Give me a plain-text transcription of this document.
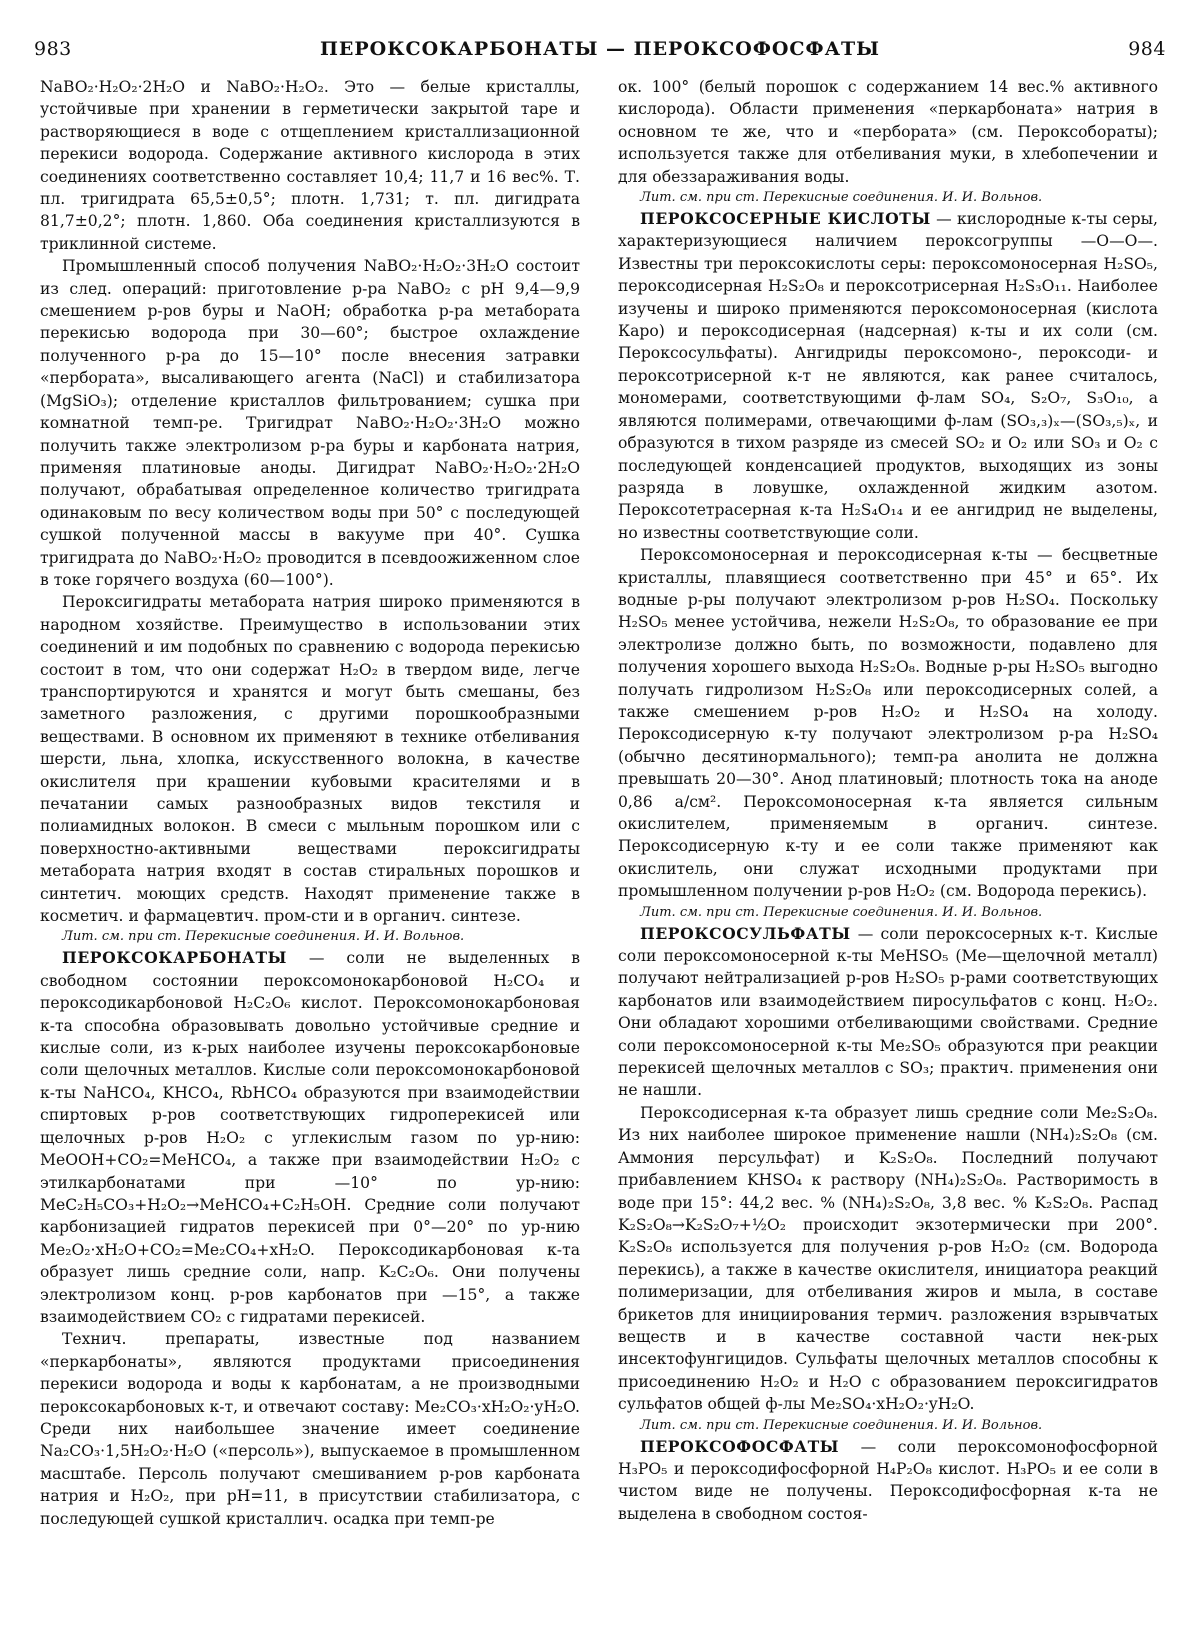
983	ПЕРОКСОКАРБОНАТЫ — ПЕРОКСОФОСФАТЫ	984

NaBO₂·H₂O₂·2H₂O и NaBO₂·H₂O₂. Это — белые кристаллы, устойчивые при хранении в герметически закрытой таре и растворяющиеся в воде с отщеплением кристаллизационной перекиси водорода. Содержание активного кислорода в этих соединениях соответственно составляет 10,4; 11,7 и 16 вес%. Т. пл. тригидрата 65,5±0,5°; плотн. 1,731; т. пл. дигидрата 81,7±0,2°; плотн. 1,860. Оба соединения кристаллизуются в триклинной системе.

Промышленный способ получения NaBO₂·H₂O₂·3H₂O состоит из след. операций: приготовление р-ра NaBO₂ с pH 9,4—9,9 смешением р-ров буры и NaOH; обработка р-ра метабората перекисью водорода при 30—60°; быстрое охлаждение полученного р-ра до 15—10° после внесения затравки «пербората», высаливающего агента (NaCl) и стабилизатора (MgSiO₃); отделение кристаллов фильтрованием; сушка при комнатной темп-ре. Тригидрат NaBO₂·H₂O₂·3H₂O можно получить также электролизом р-ра буры и карбоната натрия, применяя платиновые аноды. Дигидрат NaBO₂·H₂O₂·2H₂O получают, обрабатывая определенное количество тригидрата одинаковым по весу количеством воды при 50° с последующей сушкой полученной массы в вакууме при 40°. Сушка тригидрата до NaBO₂·H₂O₂ проводится в псевдоожиженном слое в токе горячего воздуха (60—100°).

Пероксигидраты метабората натрия широко применяются в народном хозяйстве. Преимущество в использовании этих соединений и им подобных по сравнению с водорода перекисью состоит в том, что они содержат H₂O₂ в твердом виде, легче транспортируются и хранятся и могут быть смешаны, без заметного разложения, с другими порошкообразными веществами. В основном их применяют в технике отбеливания шерсти, льна, хлопка, искусственного волокна, в качестве окислителя при крашении кубовыми красителями и в печатании самых разнообразных видов текстиля и полиамидных волокон. В смеси с мыльным порошком или с поверхностно-активными веществами пероксигидраты метабората натрия входят в состав стиральных порошков и синтетич. моющих средств. Находят применение также в косметич. и фармацевтич. пром-сти и в органич. синтезе.

Лит. см. при ст. Перекисные соединения. И. И. Вольнов.

ПЕРОКСОКАРБОНАТЫ — соли не выделенных в свободном состоянии пероксомонокарбоновой H₂CO₄ и пероксодикарбоновой H₂C₂O₆ кислот. Пероксомонокарбоновая к-та способна образовывать довольно устойчивые средние и кислые соли, из к-рых наиболее изучены пероксокарбоновые соли щелочных металлов. Кислые соли пероксомонокарбоновой к-ты NaHCO₄, KHCO₄, RbHCO₄ образуются при взаимодействии спиртовых р-ров соответствующих гидроперекисей или щелочных р-ров H₂O₂ с углекислым газом по ур-нию: MeOOH+CO₂=MeHCO₄, а также при взаимодействии H₂O₂ с этилкарбонатами при —10° по ур-нию: MeC₂H₅CO₃+H₂O₂→MeHCO₄+C₂H₅OH. Средние соли получают карбонизацией гидратов перекисей при 0°—20° по ур-нию Me₂O₂·xH₂O+CO₂=Me₂CO₄+xH₂O. Пероксодикарбоновая к-та образует лишь средние соли, напр. K₂C₂O₆. Они получены электролизом конц. р-ров карбонатов при —15°, а также взаимодействием CO₂ с гидратами перекисей.

Технич. препараты, известные под названием «перкарбонаты», являются продуктами присоединения перекиси водорода и воды к карбонатам, а не производными пероксокарбоновых к-т, и отвечают составу: Me₂CO₃·xH₂O₂·yH₂O. Среди них наибольшее значение имеет соединение Na₂CO₃·1,5H₂O₂·H₂O («персоль»), выпускаемое в промышленном масштабе. Персоль получают смешиванием р-ров карбоната натрия и H₂O₂, при pH=11, в присутствии стабилизатора, с последующей сушкой кристаллич. осадка при темп-ре

ок. 100° (белый порошок с содержанием 14 вес.% активного кислорода). Области применения «перкарбоната» натрия в основном те же, что и «пербората» (см. Пероксобораты); используется также для отбеливания муки, в хлебопечении и для обеззараживания воды.

Лит. см. при ст. Перекисные соединения. И. И. Вольнов.

ПЕРОКСОСЕРНЫЕ КИСЛОТЫ — кислородные к-ты серы, характеризующиеся наличием пероксогруппы —O—O—. Известны три пероксокислоты серы: пероксомоносерная H₂SO₅, пероксодисерная H₂S₂O₈ и пероксотрисерная H₂S₃O₁₁. Наиболее изучены и широко применяются пероксомоносерная (кислота Каро) и пероксодисерная (надсерная) к-ты и их соли (см. Пероксосульфаты). Ангидриды пероксомоно-, пероксоди- и пероксотрисерной к-т не являются, как ранее считалось, мономерами, соответствующими ф-лам SO₄, S₂O₇, S₃O₁₀, а являются полимерами, отвечающими ф-лам (SO₃,₃)ₓ—(SO₃,₅)ₓ, и образуются в тихом разряде из смесей SO₂ и O₂ или SO₃ и O₂ с последующей конденсацией продуктов, выходящих из зоны разряда в ловушке, охлажденной жидким азотом. Пероксотетрасерная к-та H₂S₄O₁₄ и ее ангидрид не выделены, но известны соответствующие соли.

Пероксомоносерная и пероксодисерная к-ты — бесцветные кристаллы, плавящиеся соответственно при 45° и 65°. Их водные р-ры получают электролизом р-ров H₂SO₄. Поскольку H₂SO₅ менее устойчива, нежели H₂S₂O₈, то образование ее при электролизе должно быть, по возможности, подавлено для получения хорошего выхода H₂S₂O₈. Водные р-ры H₂SO₅ выгодно получать гидролизом H₂S₂O₈ или пероксодисерных солей, а также смешением р-ров H₂O₂ и H₂SO₄ на холоду. Пероксодисерную к-ту получают электролизом р-ра H₂SO₄ (обычно десятинормального); темп-ра анолита не должна превышать 20—30°. Анод платиновый; плотность тока на аноде 0,86 а/см². Пероксомоносерная к-та является сильным окислителем, применяемым в органич. синтезе. Пероксодисерную к-ту и ее соли также применяют как окислитель, они служат исходными продуктами при промышленном получении р-ров H₂O₂ (см. Водорода перекись).

Лит. см. при ст. Перекисные соединения. И. И. Вольнов.

ПЕРОКСОСУЛЬФАТЫ — соли пероксосерных к-т. Кислые соли пероксомоносерной к-ты MeHSO₅ (Me—щелочной металл) получают нейтрализацией р-ров H₂SO₅ р-рами соответствующих карбонатов или взаимодействием пиросульфатов с конц. H₂O₂. Они обладают хорошими отбеливающими свойствами. Средние соли пероксомоносерной к-ты Me₂SO₅ образуются при реакции перекисей щелочных металлов с SO₃; практич. применения они не нашли.

Пероксодисерная к-та образует лишь средние соли Me₂S₂O₈. Из них наиболее широкое применение нашли (NH₄)₂S₂O₈ (см. Аммония персульфат) и K₂S₂O₈. Последний получают прибавлением KHSO₄ к раствору (NH₄)₂S₂O₈. Растворимость в воде при 15°: 44,2 вес. % (NH₄)₂S₂O₈, 3,8 вес. % K₂S₂O₈. Распад K₂S₂O₈→K₂S₂O₇+½O₂ происходит экзотермически при 200°. K₂S₂O₈ используется для получения р-ров H₂O₂ (см. Водорода перекись), а также в качестве окислителя, инициатора реакций полимеризации, для отбеливания жиров и мыла, в составе брикетов для инициирования термич. разложения взрывчатых веществ и в качестве составной части нек-рых инсектофунгицидов. Сульфаты щелочных металлов способны к присоединению H₂O₂ и H₂O с образованием пероксигидратов сульфатов общей ф-лы Me₂SO₄·xH₂O₂·yH₂O.

Лит. см. при ст. Перекисные соединения. И. И. Вольнов.

ПЕРОКСОФОСФАТЫ — соли пероксомонофосфорной H₃PO₅ и пероксодифосфорной H₄P₂O₈ кислот. H₃PO₅ и ее соли в чистом виде не получены. Пероксодифосфорная к-та не выделена в свободном состоя-
